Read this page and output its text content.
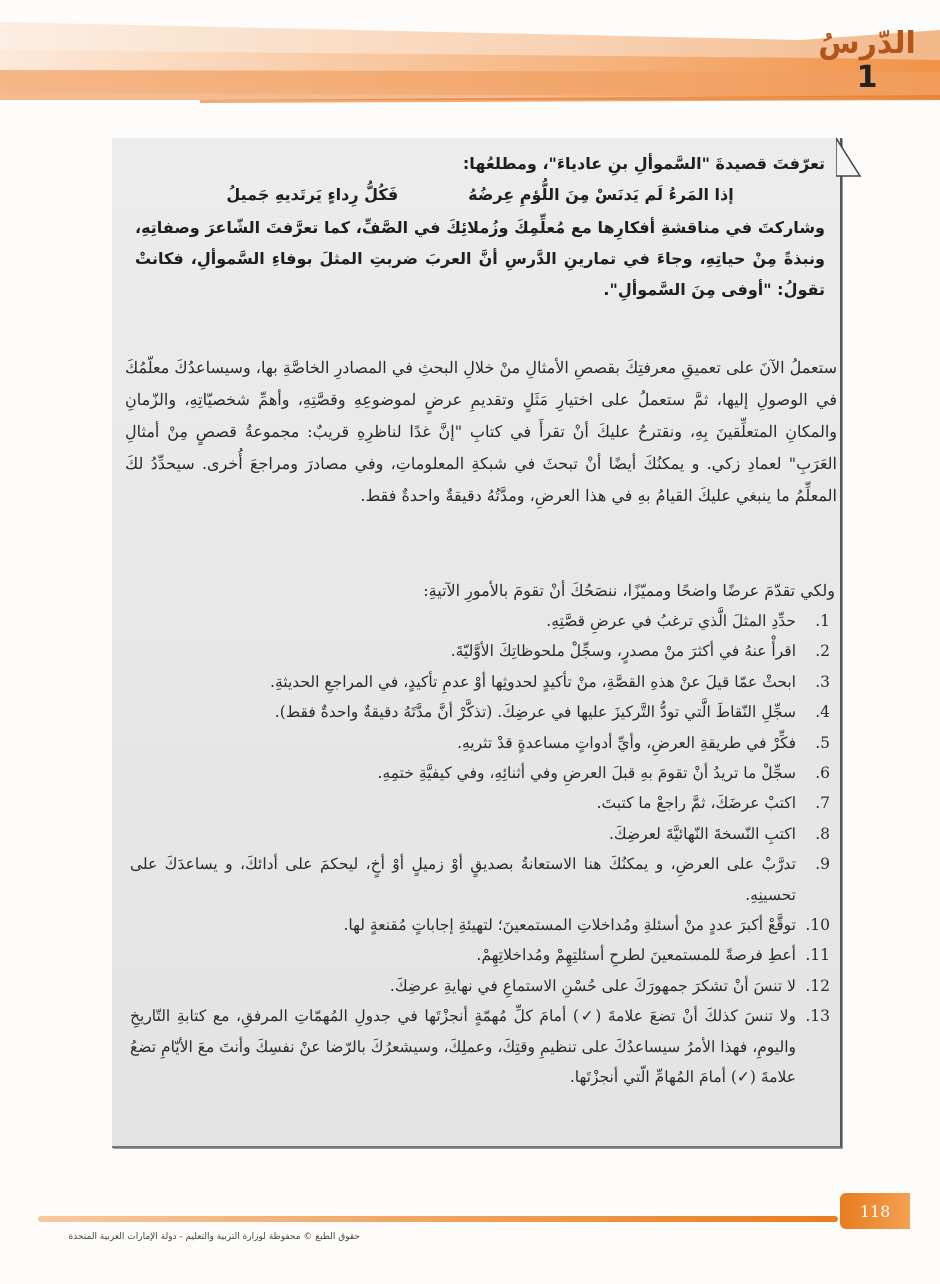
الدّرسُ
1

تعرّفتَ قصيدةَ "السَّموألِ بنِ عادياءَ"، ومطلعُها:

إذا المَرءُ لَم يَدنَسْ مِنَ اللُّؤمِ عِرضُهُ
فَكُلُّ رِداءٍ يَرتَديهِ جَميلُ

وشاركتَ في مناقشةِ أفكارِها مع مُعلِّمِكَ وزُملائِكَ في الصَّفِّ، كما تعرَّفتَ الشّاعرَ وصفاتِهِ، ونبذةً مِنْ حياتِهِ، وجاءَ في تمارينِ الدَّرسِ أنَّ العربَ ضربتِ المثلَ بوفاءِ السَّموألِ، فكانتْ تقولُ: "أوفى مِنَ السَّموألِ".

ستعملُ الآنَ على تعميقِ معرفتِكَ بقصصِ الأمثالِ منْ خلالِ البحثِ في المصادرِ الخاصَّةِ بها، وسيساعدُكَ معلّمُكَ في الوصولِ إليها، ثمَّ ستعملُ على اختيارِ مَثَلٍ وتقديمِ عرضٍ لموضوعِهِ وقصَّتِهِ، وأهمِّ شخصيّاتِهِ، والزّمانِ والمكانِ المتعلِّقينَ بِهِ، ونقترحُ عليكَ أنْ تقرأَ في كتابِ "إنَّ غدًا لناظرِهِ قريبٌ: مجموعةُ قصصٍ مِنْ أمثالِ العَرَبِ" لعمادِ زكي. و يمكنُكَ أيضًا أنْ تبحثَ في شبكةِ المعلوماتِ، وفي مصادرَ ومراجعَ أُخرى. سيحدِّدُ لكَ المعلِّمُ ما ينبغي عليكَ القيامُ بهِ في هذا العرضِ، ومدَّتُهُ دقيقةٌ واحدةٌ فقط.

ولكي تقدّمَ عرضًا واضحًا ومميّزًا، ننصَحُكَ أنْ تقومَ بالأمورِ الآتيةِ:
1.
حدِّدِ المثلَ الَّذي ترغبُ في عرضِ قصَّتِهِ.
2.
اقرأْ عنهُ في أكثرَ منْ مصدرٍ، وسجِّلْ ملحوظاتِكَ الأوَّليّةَ.
3.
ابحثْ عمّا قيلَ عنْ هذهِ القصَّةِ، منْ تأكيدٍ لحدوثِها أوْ عدمِ تأكيدٍ، في المراجعِ الحديثةِ.
4.
سجِّلِ النّقاطَ الَّتي تودُّ التَّركيزَ عليها في عرضِكَ. (تذكَّرْ أنَّ مدَّتَهُ دقيقةٌ واحدةٌ فقط).
5.
فكِّرْ في طريقةِ العرضِ، وأيِّ أدواتٍ مساعدةٍ قدْ تثريهِ.
6.
سجِّلْ ما تريدُ أنْ تقومَ بهِ قبلَ العرضِ وفي أثنائِهِ، وفي كيفيَّةِ ختمِهِ.
7.
اكتبْ عرضَكَ، ثمَّ راجعْ ما كتبتَ.
8.
اكتبِ النّسخةَ النّهائيَّةَ لعرضِكَ.
9.
تدرَّبْ على العرضِ، و يمكنُكَ هنا الاستعانةُ بصديقٍ أوْ زميلٍ أوْ أخٍ، ليحكمَ على أدائكَ، و يساعدَكَ على تحسينِهِ.
10.
توقَّعْ أكبرَ عددٍ منْ أسئلةِ ومُداخلاتِ المستمعينَ؛ لتهيئةِ إجاباتٍ مُقنعةٍ لها.
11.
أعطِ فرصةً للمستمعينَ لطرحِ أسئلتِهِمْ ومُداخلاتِهِمْ.
12.
لا تنسَ أنْ تشكرَ جمهورَكَ على حُسْنِ الاستماعِ في نهايةِ عرضِكَ.
13.
ولا تنسَ كذلكَ أنْ تضعَ علامةَ (✓) أمامَ كلِّ مُهمّةٍ أنجزْتَها في جدولِ المُهمّاتِ المرفقِ، مع كتابةِ التّاريخِ واليومِ، فهذا الأمرُ سيساعدُكَ على تنظيمِ وقتِكَ، وعملِكَ، وسيشعرُكَ بالرّضا عنْ نفسِكَ وأنتَ معَ الأيّامِ تضعُ علامةَ (✓) أمامَ المُهامِّ الّتي أنجزْتَها.
118
حقوق الطبع © محفوظة لوزارة التربية والتعليم - دولة الإمارات العربية المتحدة
